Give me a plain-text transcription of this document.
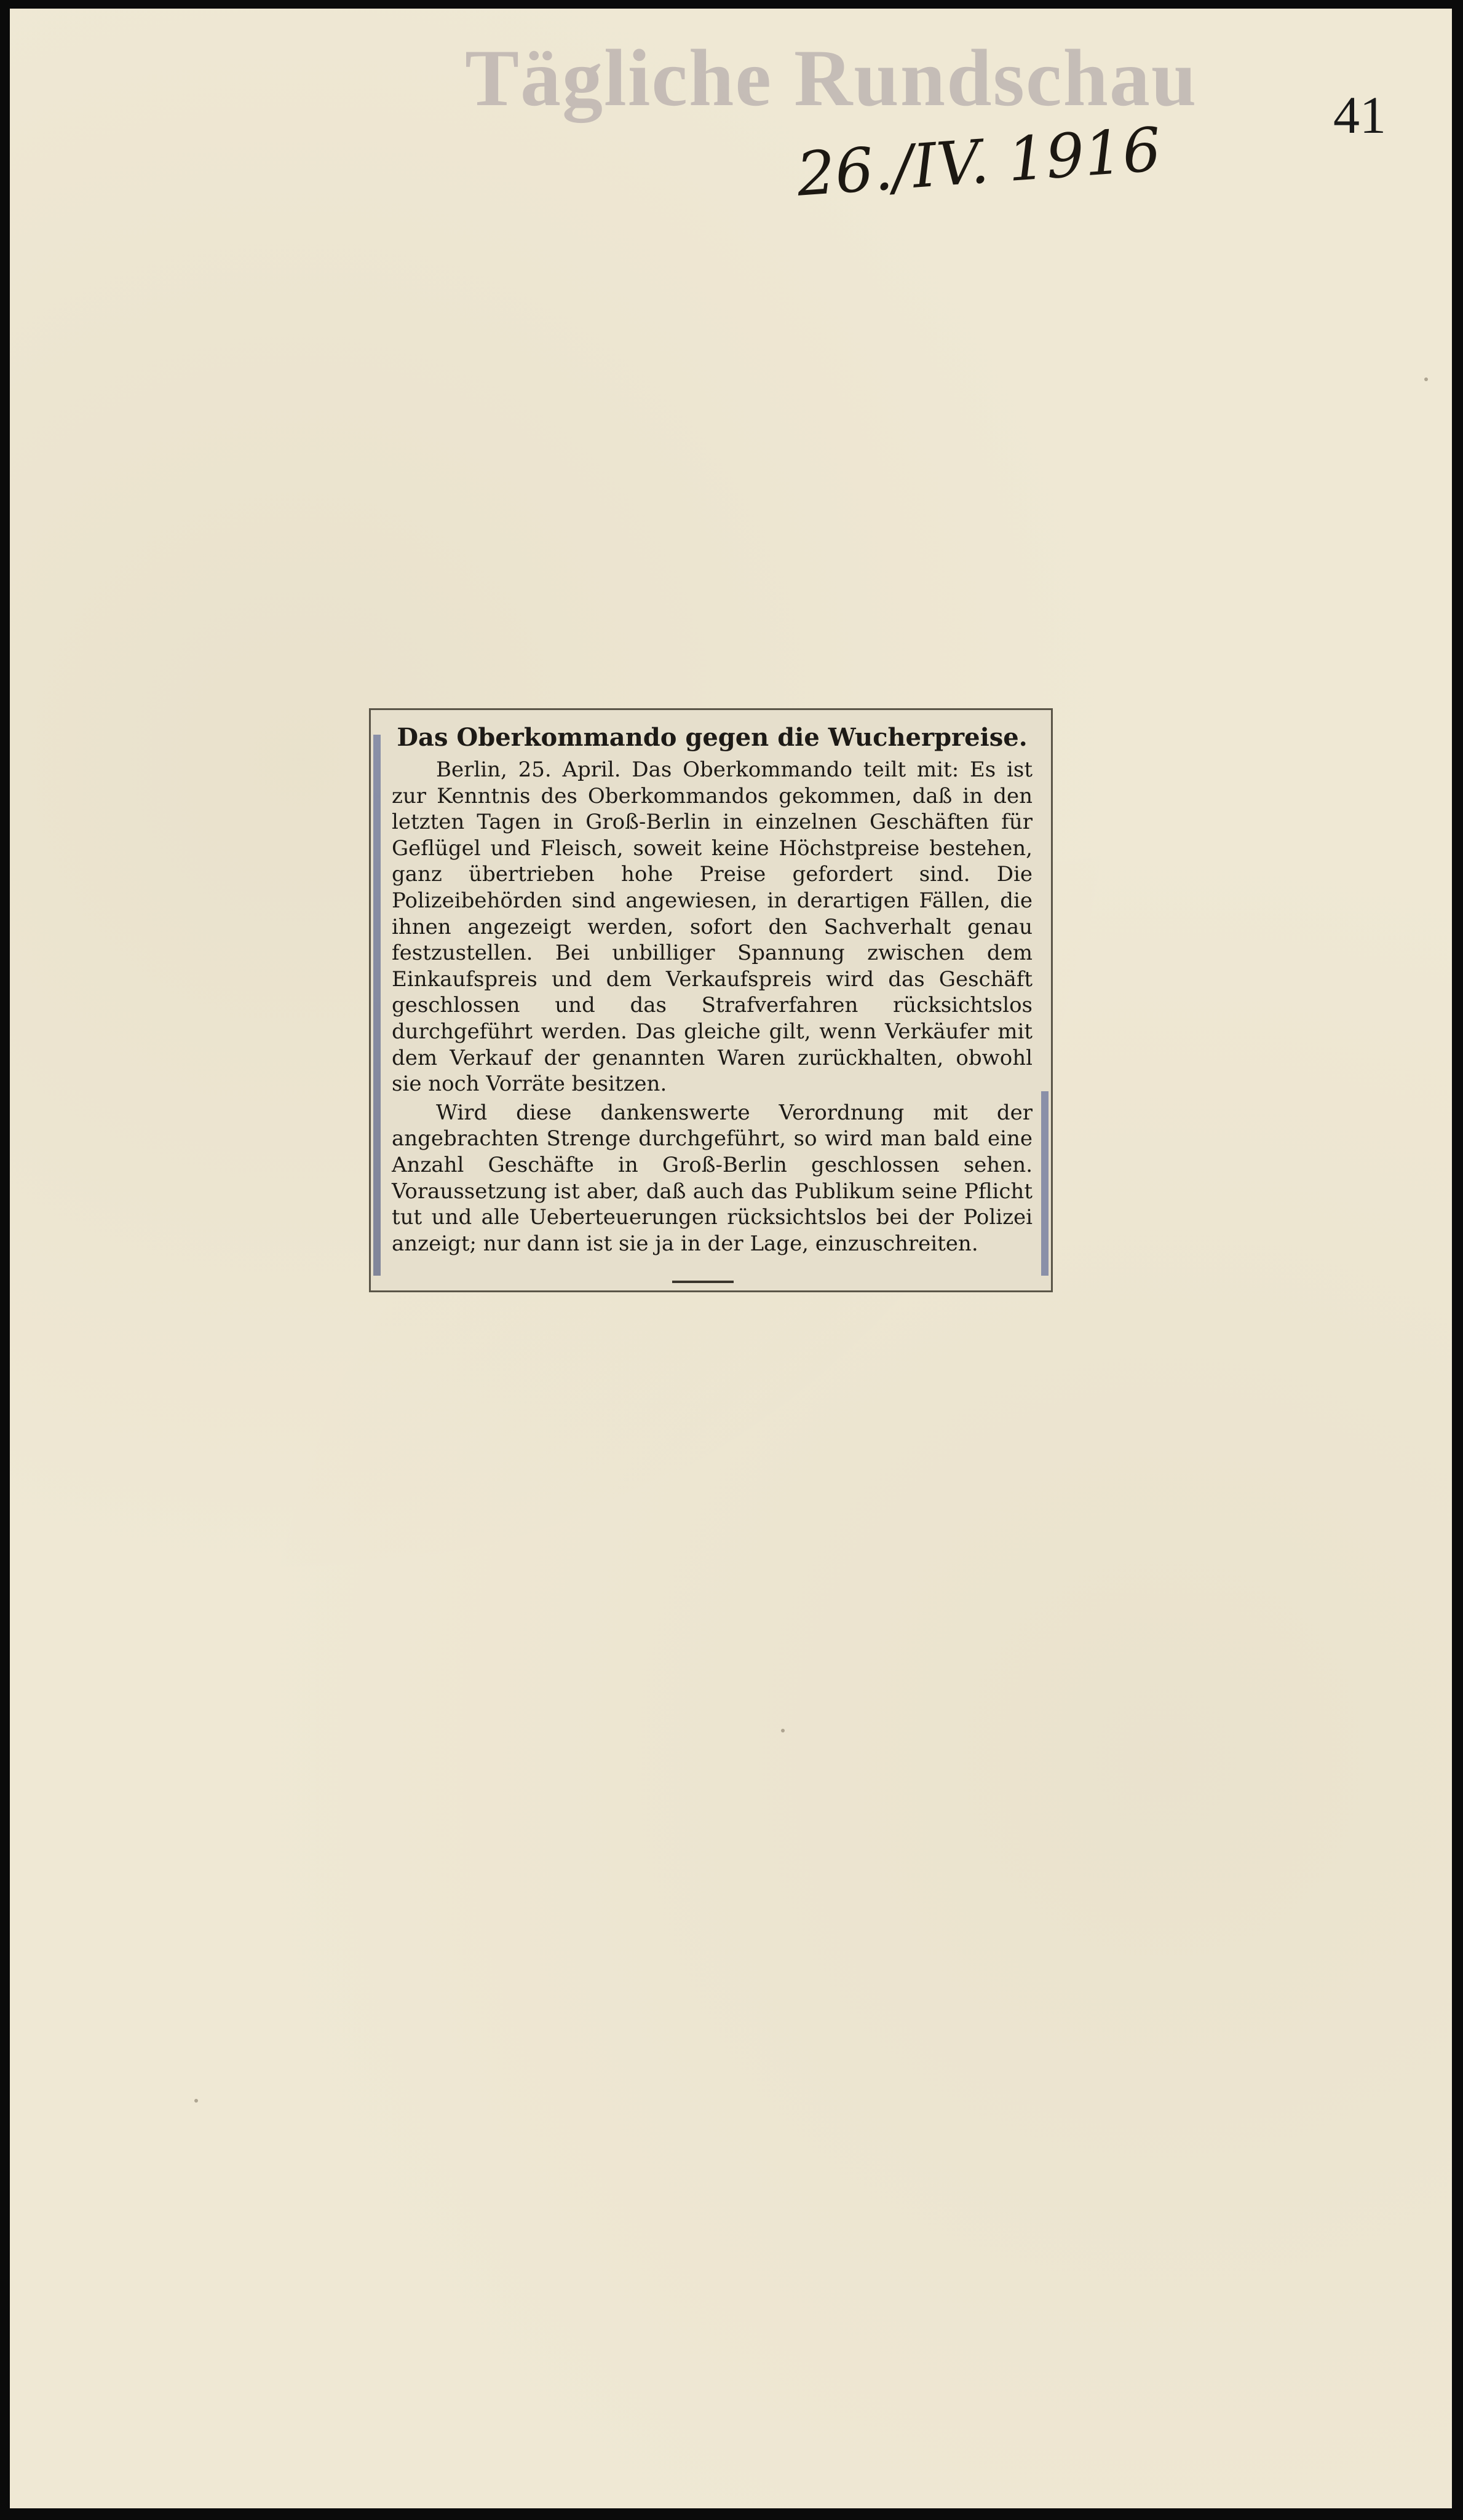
Tägliche Rundschau
26./IV. 1916	41
Das Oberkommando gegen die Wucherpreise.

Berlin, 25. April. Das Oberkommando teilt mit: Es ist zur Kenntnis des Oberkommandos gekommen, daß in den letzten Tagen in Groß-Berlin in einzelnen Geschäften für Geflügel und Fleisch, soweit keine Höchstpreise bestehen, ganz übertrieben hohe Preise gefordert sind. Die Polizeibehörden sind angewiesen, in derartigen Fällen, die ihnen angezeigt werden, sofort den Sachverhalt genau festzustellen. Bei unbilliger Spannung zwischen dem Einkaufspreis und dem Verkaufspreis wird das Geschäft geschlossen und das Strafverfahren rücksichtslos durchgeführt werden. Das gleiche gilt, wenn Verkäufer mit dem Verkauf der genannten Waren zurückhalten, obwohl sie noch Vorräte besitzen.

Wird diese dankenswerte Verordnung mit der angebrachten Strenge durchgeführt, so wird man bald eine Anzahl Geschäfte in Groß-Berlin geschlossen sehen. Voraussetzung ist aber, daß auch das Publikum seine Pflicht tut und alle Ueberteuerungen rücksichtslos bei der Polizei anzeigt; nur dann ist sie ja in der Lage, einzuschreiten.
